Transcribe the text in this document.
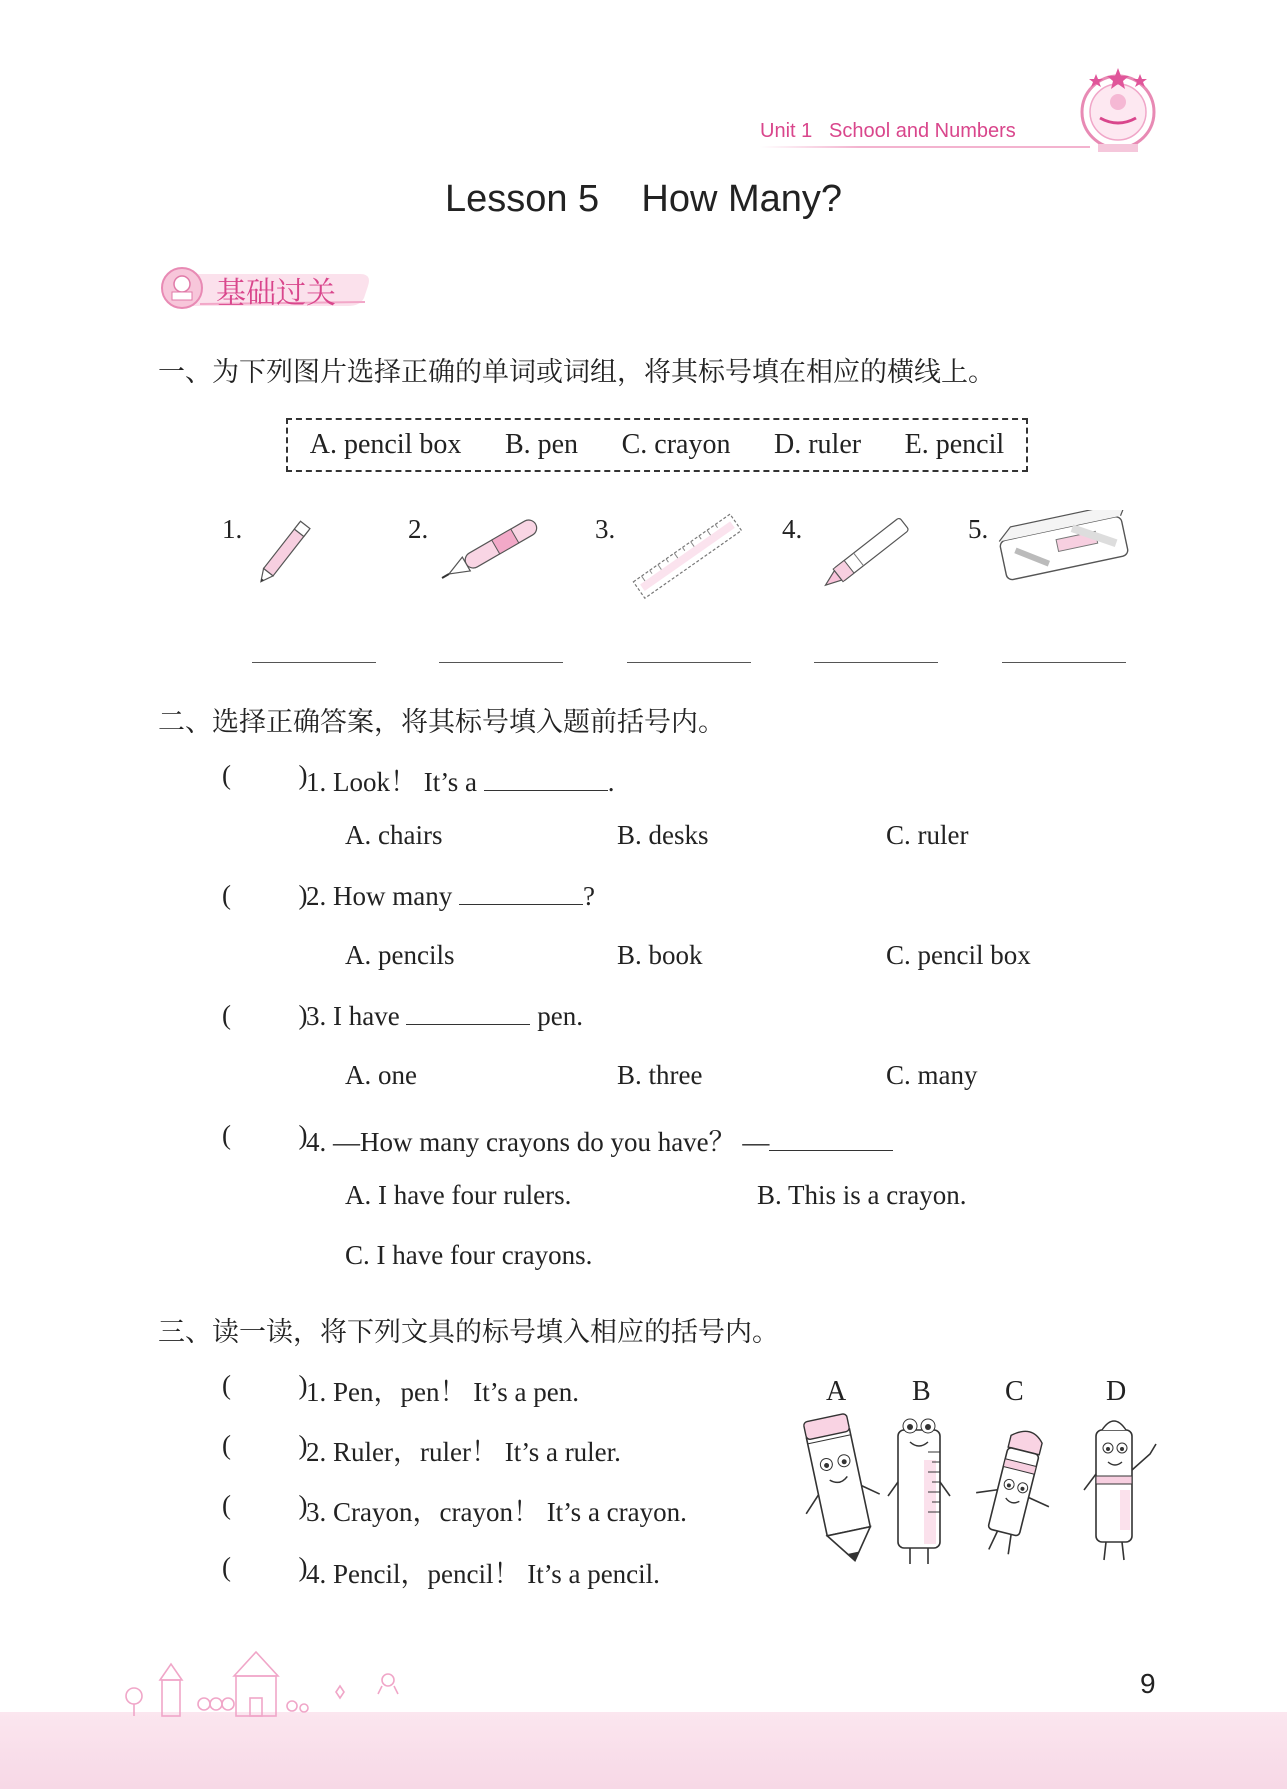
Unit 1 School and Numbers
Lesson 5    How Many?
基础过关
一、为下列图片选择正确的单词或词组，将其标号填在相应的横线上。
A. pencil box B. pen C. crayon D. ruler E. pencil
1.	2.	3.	4.	5.
二、选择正确答案，将其标号填入题前括号内。
(          )
1. Look！ It’s a	.
A. chairs	B. desks	C. ruler
(          )
2. How many	?
A. pencils	B. book	C. pencil box
(          )
3. I have	pen.
A. one	B. three	C. many
(          )
4. —How many crayons do you have？ —
A. I have four rulers.	B. This is a crayon.
C. I have four crayons.
三、读一读，将下列文具的标号填入相应的括号内。
(          )
1. Pen，pen！ It’s a pen.
(          )
2. Ruler，ruler！ It’s a ruler.
(          )
3. Crayon，crayon！ It’s a crayon.
(          )
4. Pencil，pencil！ It’s a pencil.
A B	C	D
9
